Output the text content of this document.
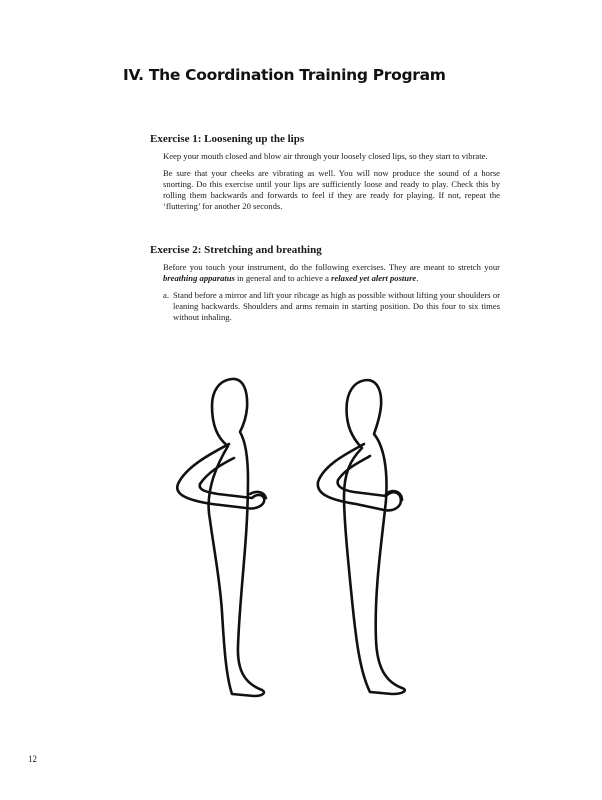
IV. The Coordination Training Program
Exercise 1: Loosening up the lips

Keep your mouth closed and blow air through your loosely closed lips, so they start to vibrate.

Be sure that your cheeks are vibrating as well. You will now produce the sound of a horse snorting. Do this exercise until your lips are sufficiently loose and ready to play. Check this by rolling them backwards and forwards to feel if they are ready for playing. If not, repeat the ‘fluttering’ for another 20 seconds.

Exercise 2: Stretching and breathing

Before you touch your instrument, do the following exercises. They are meant to stretch your breathing apparatus in general and to achieve a relaxed yet alert posture.

a. Stand before a mirror and lift your ribcage as high as possible without lifting your shoulders or leaning backwards. Shoulders and arms remain in starting position. Do this four to six times without inhaling.
12
